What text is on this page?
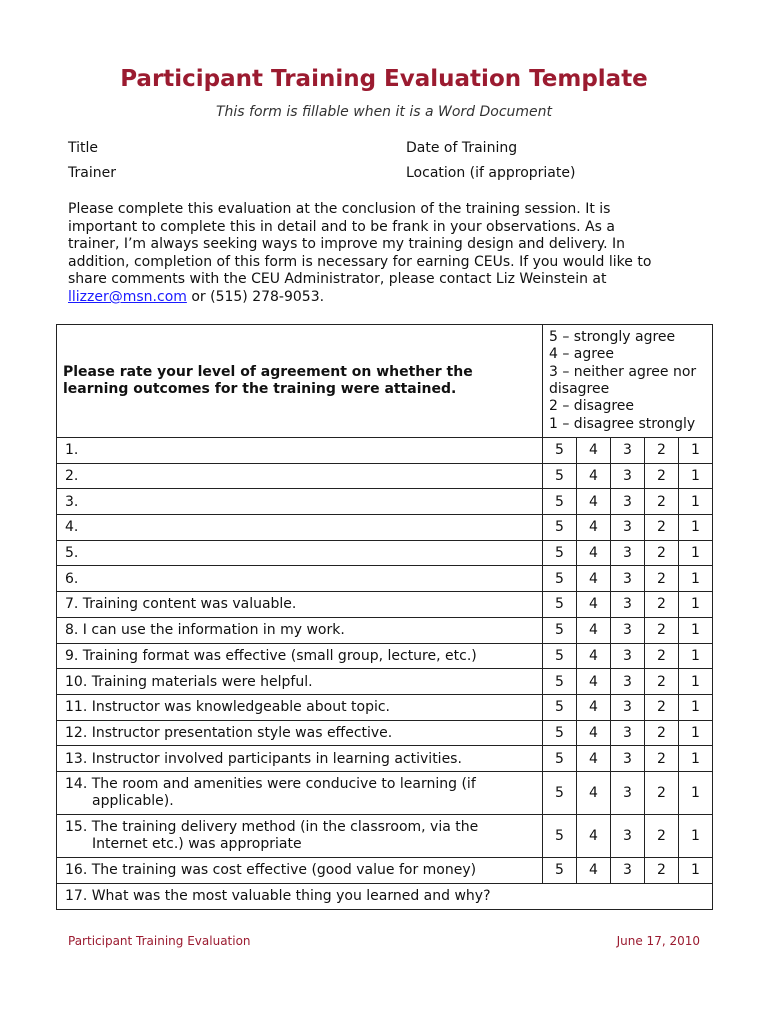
Participant Training Evaluation Template
This form is fillable when it is a Word Document
Title	Date of Training
Trainer	Location (if appropriate)
Please complete this evaluation at the conclusion of the training session. It is important to complete this in detail and to be frank in your observations. As a trainer, I’m always seeking ways to improve my training design and delivery. In addition, completion of this form is necessary for earning CEUs. If you would like to share comments with the CEU Administrator, please contact Liz Weinstein at llizzer@msn.com or (515) 278-9053.
Please rate your level of agreement on whether the learning outcomes for the training were attained.	5 – strongly agree
4 – agree
3 – neither agree nor disagree
2 – disagree
1 – disagree strongly				

1.	5	4	3	2	1
2.	5	4	3	2	1
3.	5	4	3	2	1
4.	5	4	3	2	1
5.	5	4	3	2	1
6.	5	4	3	2	1
7. Training content was valuable.	5	4	3	2	1
8. I can use the information in my work.	5	4	3	2	1
9. Training format was effective (small group, lecture, etc.)	5	4	3	2	1
10. Training materials were helpful.	5	4	3	2	1
11. Instructor was knowledgeable about topic.	5	4	3	2	1
12. Instructor presentation style was effective.	5	4	3	2	1
13. Instructor involved participants in learning activities.	5	4	3	2	1
14. The room and amenities were conducive to learning (if
applicable).	5	4	3	2	1
15. The training delivery method (in the classroom, via the
Internet etc.) was appropriate	5	4	3	2	1
16. The training was cost effective (good value for money)	5	4	3	2	1
17. What was the most valuable thing you learned and why?					
Participant Training Evaluation	June 17, 2010
